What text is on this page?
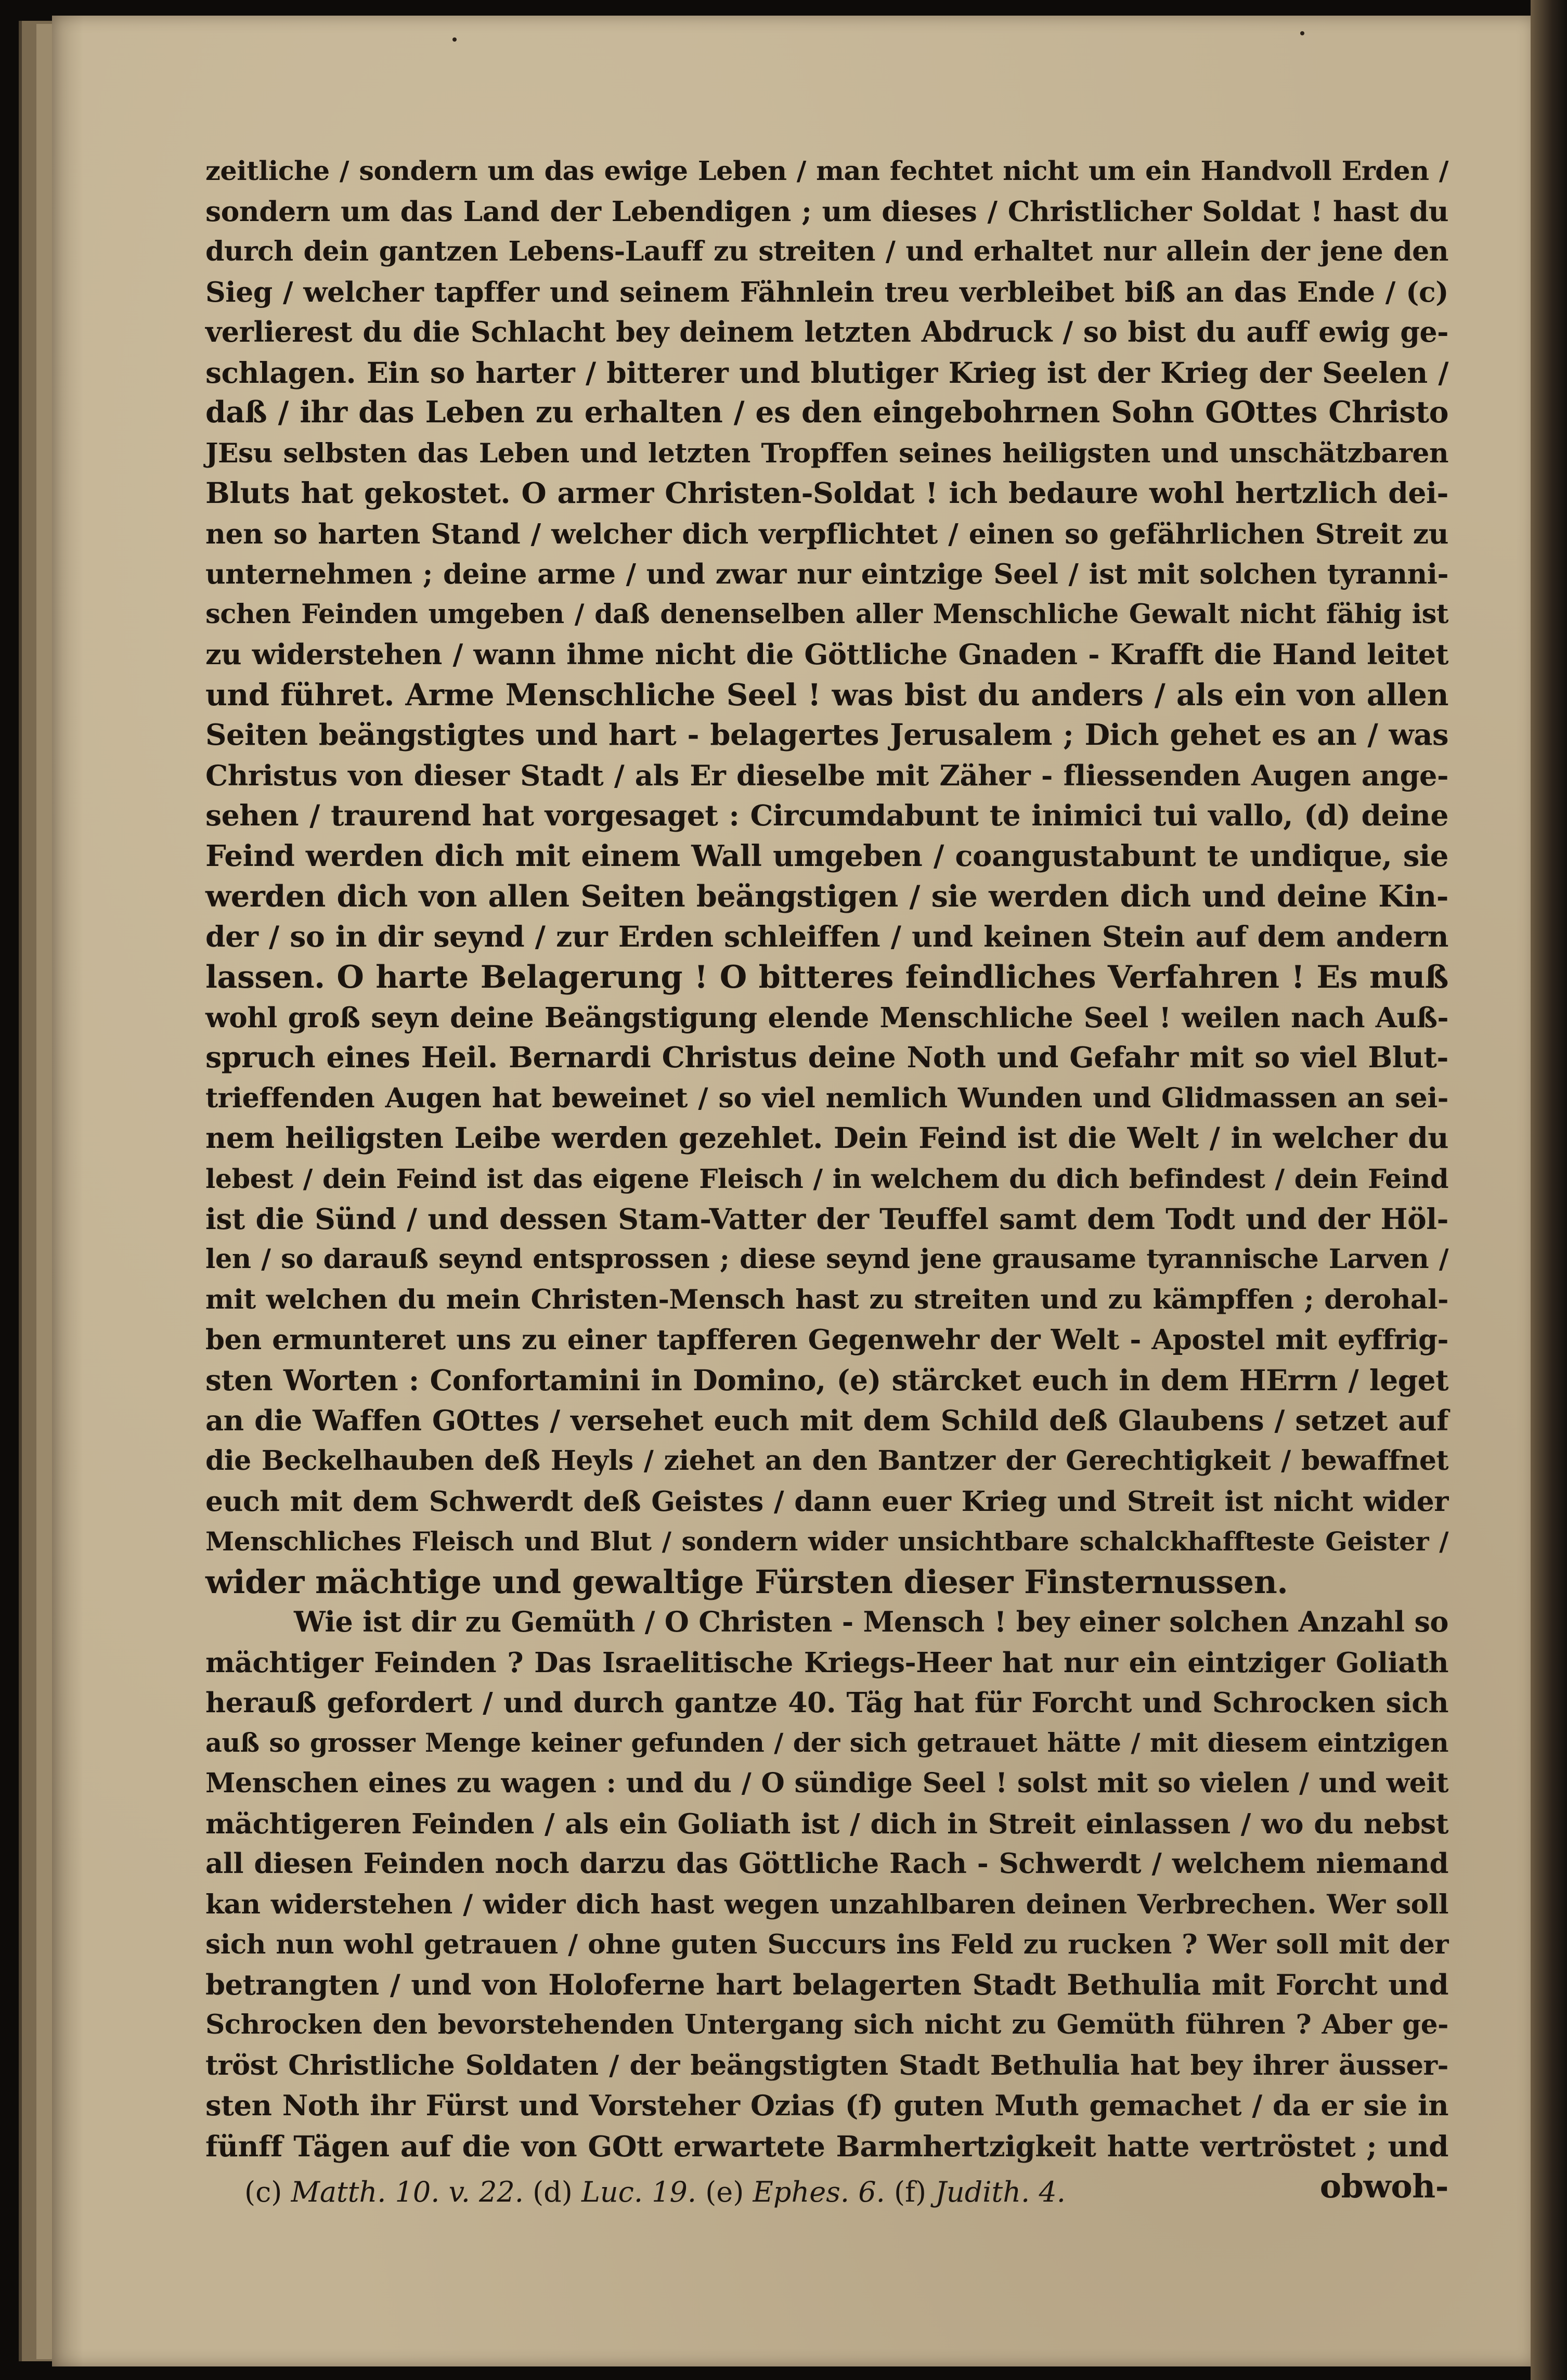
zeitliche / sondern um das ewige Leben / man fechtet nicht um ein Handvoll Erden /
sondern um das Land der Lebendigen ; um dieses / Christlicher Soldat ! hast du
durch dein gantzen Lebens-Lauff zu streiten / und erhaltet nur allein der jene den
Sieg / welcher tapffer und seinem Fähnlein treu verbleibet biß an das Ende / (c)
verlierest du die Schlacht bey deinem letzten Abdruck / so bist du auff ewig ge-
schlagen. Ein so harter / bitterer und blutiger Krieg ist der Krieg der Seelen /
daß / ihr das Leben zu erhalten / es den eingebohrnen Sohn GOttes Christo
JEsu selbsten das Leben und letzten Tropffen seines heiligsten und unschätzbaren
Bluts hat gekostet. O armer Christen-Soldat ! ich bedaure wohl hertzlich dei-
nen so harten Stand / welcher dich verpflichtet / einen so gefährlichen Streit zu
unternehmen ; deine arme / und zwar nur eintzige Seel / ist mit solchen tyranni-
schen Feinden umgeben / daß denenselben aller Menschliche Gewalt nicht fähig ist
zu widerstehen / wann ihme nicht die Göttliche Gnaden - Krafft die Hand leitet
und führet. Arme Menschliche Seel ! was bist du anders / als ein von allen
Seiten beängstigtes und hart - belagertes Jerusalem ; Dich gehet es an / was
Christus von dieser Stadt / als Er dieselbe mit Zäher - fliessenden Augen ange-
sehen / traurend hat vorgesaget : Circumdabunt te inimici tui vallo, (d) deine
Feind werden dich mit einem Wall umgeben / coangustabunt te undique, sie
werden dich von allen Seiten beängstigen / sie werden dich und deine Kin-
der / so in dir seynd / zur Erden schleiffen / und keinen Stein auf dem andern
lassen. O harte Belagerung ! O bitteres feindliches Verfahren ! Es muß
wohl groß seyn deine Beängstigung elende Menschliche Seel ! weilen nach Auß-
spruch eines Heil. Bernardi Christus deine Noth und Gefahr mit so viel Blut-
trieffenden Augen hat beweinet / so viel nemlich Wunden und Glidmassen an sei-
nem heiligsten Leibe werden gezehlet. Dein Feind ist die Welt / in welcher du
lebest / dein Feind ist das eigene Fleisch / in welchem du dich befindest / dein Feind
ist die Sünd / und dessen Stam-Vatter der Teuffel samt dem Todt und der Höl-
len / so darauß seynd entsprossen ; diese seynd jene grausame tyrannische Larven /
mit welchen du mein Christen-Mensch hast zu streiten und zu kämpffen ; derohal-
ben ermunteret uns zu einer tapfferen Gegenwehr der Welt - Apostel mit eyffrig-
sten Worten : Confortamini in Domino, (e) stärcket euch in dem HErrn / leget
an die Waffen GOttes / versehet euch mit dem Schild deß Glaubens / setzet auf
die Beckelhauben deß Heyls / ziehet an den Bantzer der Gerechtigkeit / bewaffnet
euch mit dem Schwerdt deß Geistes / dann euer Krieg und Streit ist nicht wider
Menschliches Fleisch und Blut / sondern wider unsichtbare schalckhaffteste Geister /
wider mächtige und gewaltige Fürsten dieser Finsternussen.
Wie ist dir zu Gemüth / O Christen - Mensch ! bey einer solchen Anzahl so
mächtiger Feinden ? Das Israelitische Kriegs-Heer hat nur ein eintziger Goliath
herauß gefordert / und durch gantze 40. Täg hat für Forcht und Schrocken sich
auß so grosser Menge keiner gefunden / der sich getrauet hätte / mit diesem eintzigen
Menschen eines zu wagen : und du / O sündige Seel ! solst mit so vielen / und weit
mächtigeren Feinden / als ein Goliath ist / dich in Streit einlassen / wo du nebst
all diesen Feinden noch darzu das Göttliche Rach - Schwerdt / welchem niemand
kan widerstehen / wider dich hast wegen unzahlbaren deinen Verbrechen. Wer soll
sich nun wohl getrauen / ohne guten Succurs ins Feld zu rucken ? Wer soll mit der
betrangten / und von Holoferne hart belagerten Stadt Bethulia mit Forcht und
Schrocken den bevorstehenden Untergang sich nicht zu Gemüth führen ? Aber ge-
tröst Christliche Soldaten / der beängstigten Stadt Bethulia hat bey ihrer äusser-
sten Noth ihr Fürst und Vorsteher Ozias (f) guten Muth gemachet / da er sie in
fünff Tägen auf die von GOtt erwartete Barmhertzigkeit hatte vertröstet ; und
obwoh-
(c) Matth. 10. v. 22. (d) Luc. 19. (e) Ephes. 6. (f) Judith. 4.
